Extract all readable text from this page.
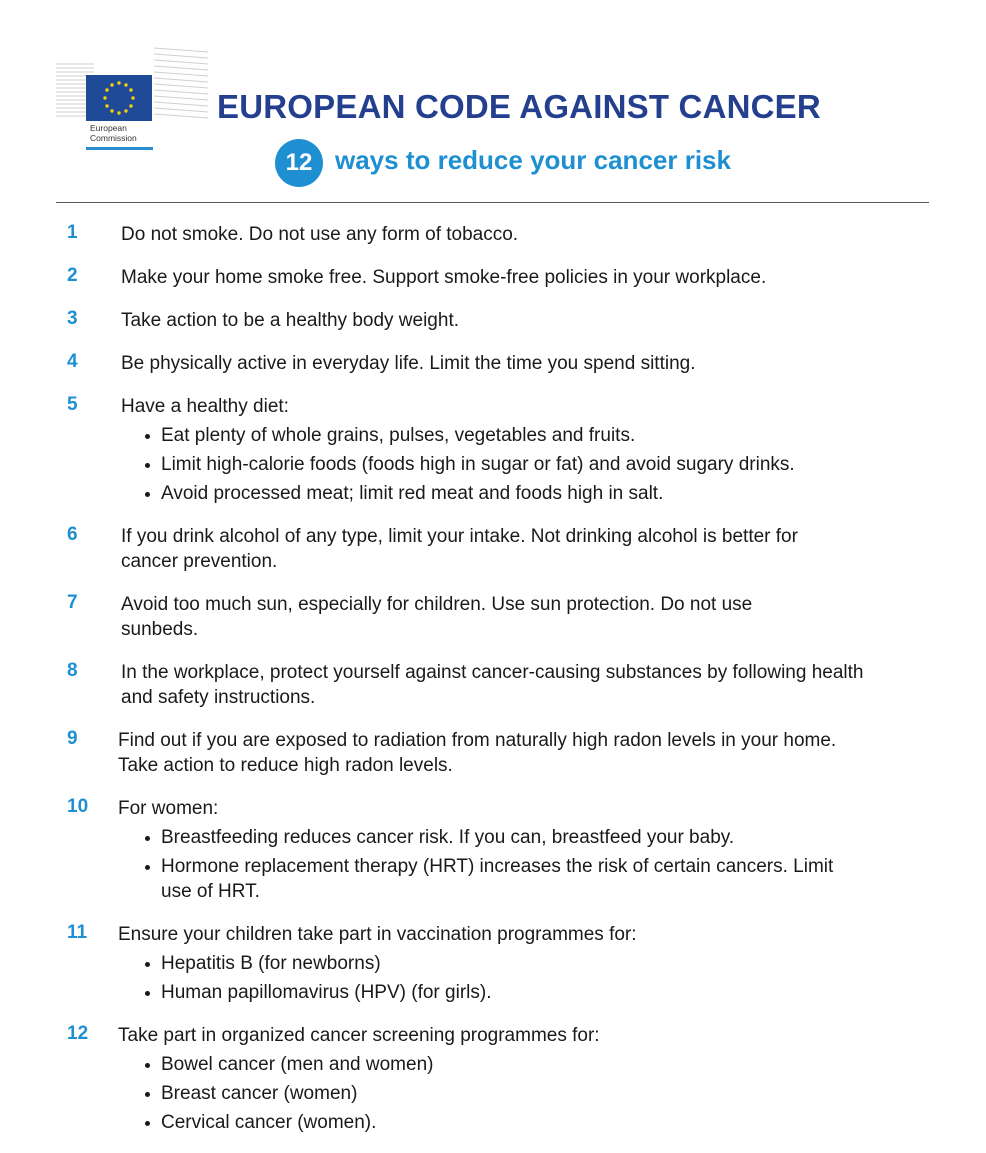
European
Commission
EUROPEAN CODE AGAINST CANCER
12 ways to reduce your cancer risk
1 Do not smoke. Do not use any form of tobacco.
2 Make your home smoke free. Support smoke-free policies in your workplace.
3 Take action to be a healthy body weight.
4 Be physically active in everyday life. Limit the time you spend sitting.
5 Have a healthy diet:
Eat plenty of whole grains, pulses, vegetables and fruits.
Limit high-calorie foods (foods high in sugar or fat) and avoid sugary drinks.
Avoid processed meat; limit red meat and foods high in salt.
6 If you drink alcohol of any type, limit your intake. Not drinking alcohol is better for cancer prevention.
7 Avoid too much sun, especially for children. Use sun protection. Do not use sunbeds.
8 In the workplace, protect yourself against cancer-causing substances by following health and safety instructions.
9 Find out if you are exposed to radiation from naturally high radon levels in your home. Take action to reduce high radon levels.
10 For women:
Breastfeeding reduces cancer risk. If you can, breastfeed your baby.
Hormone replacement therapy (HRT) increases the risk of certain cancers. Limit use of HRT.
11 Ensure your children take part in vaccination programmes for:
Hepatitis B (for newborns)
Human papillomavirus (HPV) (for girls).
12 Take part in organized cancer screening programmes for:
Bowel cancer (men and women)
Breast cancer (women)
Cervical cancer (women).
